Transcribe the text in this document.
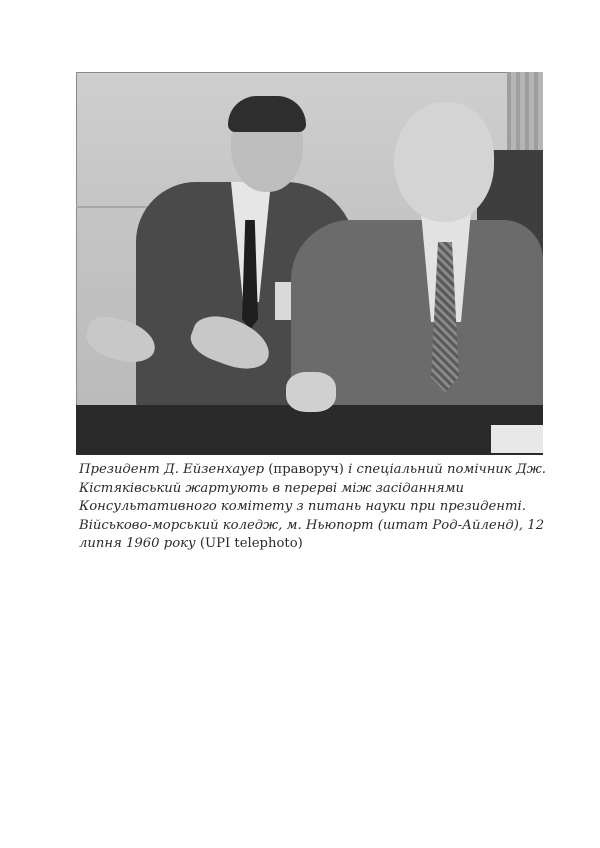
Президент Д. Ейзенхауер (праворуч) і спеціальний помічник Дж. Кістяківський жартують в перерві між засіданнями Консультативного комітету з питань науки при президенті. Військово-морський коледж, м. Ньюпорт (штат Род-Айленд), 12 липня 1960 року (UPI telephoto)
